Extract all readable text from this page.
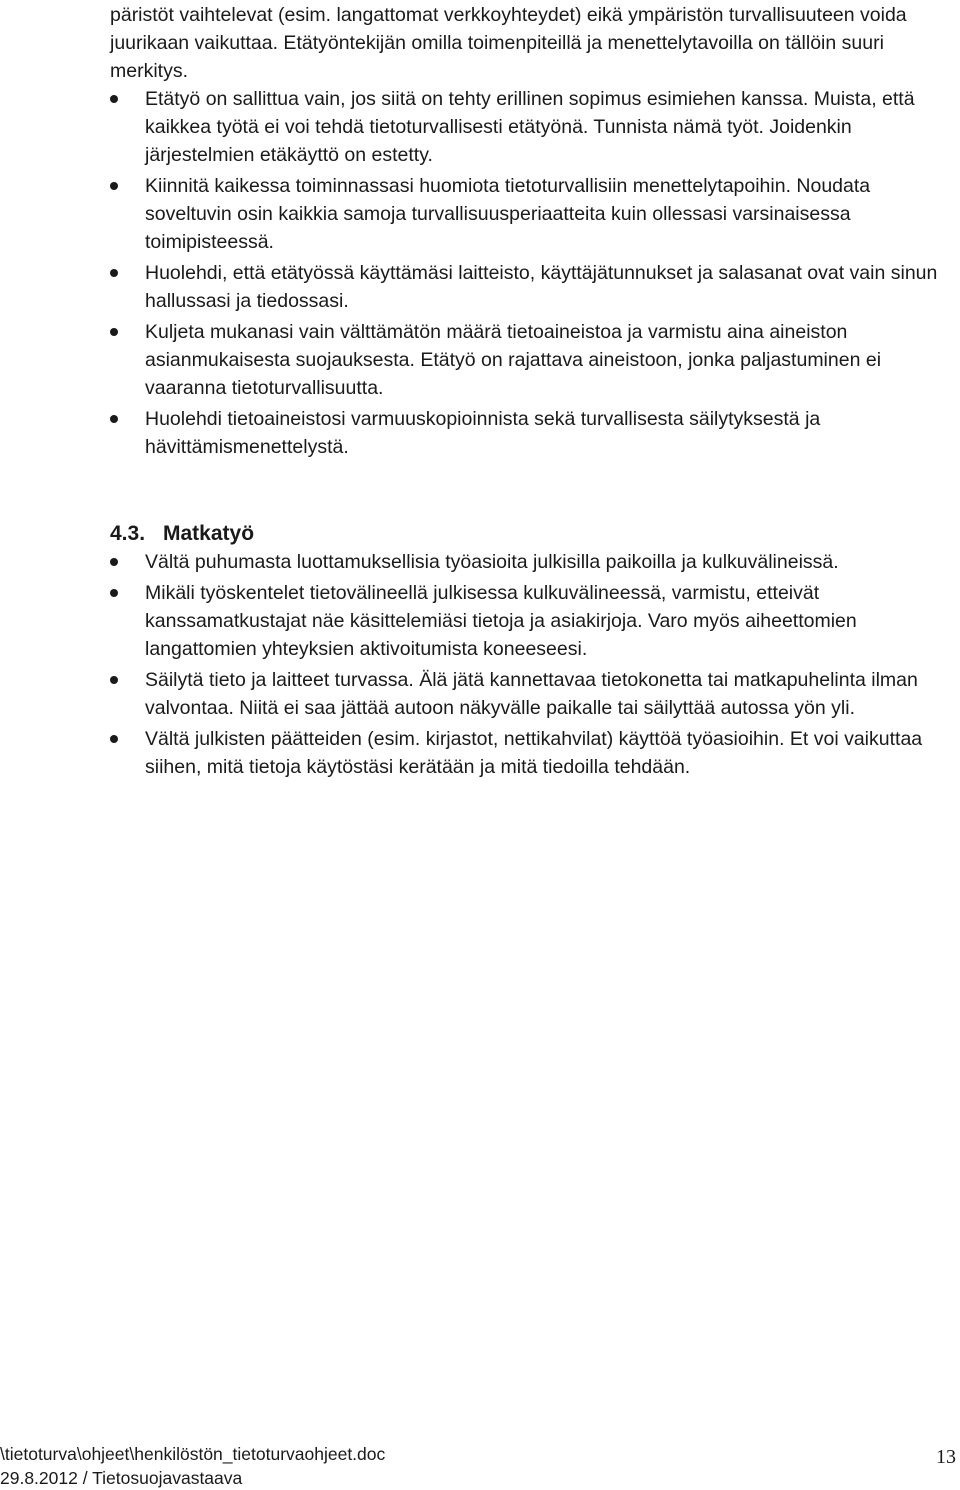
päristöt vaihtelevat (esim. langattomat verkkoyhteydet) eikä ympäristön turvallisuuteen voida juurikaan vaikuttaa. Etätyöntekijän omilla toimenpiteillä ja menettelytavoilla on tällöin suuri merkitys.

Etätyö on sallittua vain, jos siitä on tehty erillinen sopimus esimiehen kanssa. Muista, että kaikkea työtä ei voi tehdä tietoturvallisesti etätyönä. Tunnista nämä työt. Joidenkin järjestelmien etäkäyttö on estetty.
Kiinnitä kaikessa toiminnassasi huomiota tietoturvallisiin menettelytapoihin. Noudata soveltuvin osin kaikkia samoja turvallisuusperiaatteita kuin ollessasi varsinaisessa toimipisteessä.
Huolehdi, että etätyössä käyttämäsi laitteisto, käyttäjätunnukset ja salasanat ovat vain sinun hallussasi ja tiedossasi.
Kuljeta mukanasi vain välttämätön määrä tietoaineistoa ja varmistu aina aineiston asianmukaisesta suojauksesta. Etätyö on rajattava aineistoon, jonka paljastuminen ei vaaranna tietoturvallisuutta.
Huolehdi tietoaineistosi varmuuskopioinnista sekä turvallisesta säilytyksestä ja hävittämismenettelystä.
4.3. Matkatyö
Vältä puhumasta luottamuksellisia työasioita julkisilla paikoilla ja kulkuvälineissä.
Mikäli työskentelet tietovälineellä julkisessa kulkuvälineessä, varmistu, etteivät kanssamatkustajat näe käsittelemiäsi tietoja ja asiakirjoja. Varo myös aiheettomien langattomien yhteyksien aktivoitumista koneeseesi.
Säilytä tieto ja laitteet turvassa. Älä jätä kannettavaa tietokonetta tai matkapuhelinta ilman valvontaa. Niitä ei saa jättää autoon näkyvälle paikalle tai säilyttää autossa yön yli.
Vältä julkisten päätteiden (esim. kirjastot, nettikahvilat) käyttöä työasioihin. Et voi vaikuttaa siihen, mitä tietoja käytöstäsi kerätään ja mitä tiedoilla tehdään.

\tietoturva\ohjeet\henkilöstön_tietoturvaohjeet.doc

29.8.2012 / Tietosuojavastaava

13
